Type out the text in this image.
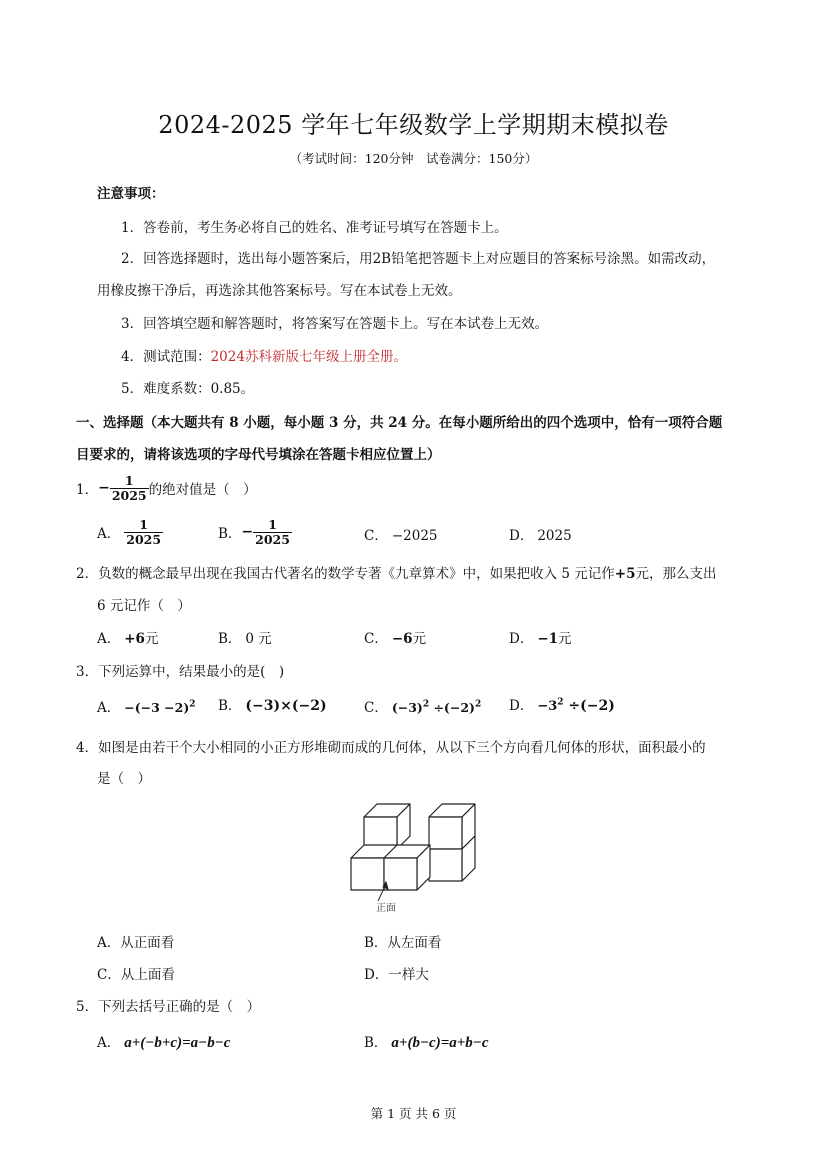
2024-2025 学年七年级数学上学期期末模拟卷
（考试时间：120分钟　试卷满分：150分）
注意事项：
1．答卷前，考生务必将自己的姓名、准考证号填写在答题卡上。
2．回答选择题时，选出每小题答案后，用2B铅笔把答题卡上对应题目的答案标号涂黑。如需改动，
用橡皮擦干净后，再选涂其他答案标号。写在本试卷上无效。
3．回答填空题和解答题时，将答案写在答题卡上。写在本试卷上无效。
4．测试范围：2024苏科新版七年级上册全册。
5．难度系数：0.85。
一、选择题（本大题共有 8 小题，每小题 3 分，共 24 分。在每小题所给出的四个选项中，恰有一项符合题
目要求的，请将该选项的字母代号填涂在答题卡相应位置上）
1． − $\frac{1}{2025}$ 的绝对值是（　）
A． $\frac{1}{2025}$	B． − $\frac{1}{2025}$	C． −2025	D． 2025
2．负数的概念最早出现在我国古代著名的数学专著《九章算术》中，如果把收入 5 元记作+5元，那么支出
6 元记作（　）
A． +6元	B． 0 元	C． −6元	D． −1元
3．下列运算中，结果最小的是(　)
A． $-(-3 -2)^2$ B． (−3)×(−2)	C． $(-3)^2 \div(-2)^2$ D． $-3^2 \div(-2)$
4．如图是由若干个大小相同的小正方形堆砌而成的几何体，从以下三个方向看几何体的形状，面积最小的
是（　）
正面
A．从正面看	B．从左面看
C．从上面看	D．一样大
5．下列去括号正确的是（　）
A． a+(−b+c)=a−b−c	B． a+(b−c)=a+b−c
第 1 页 共 6 页
